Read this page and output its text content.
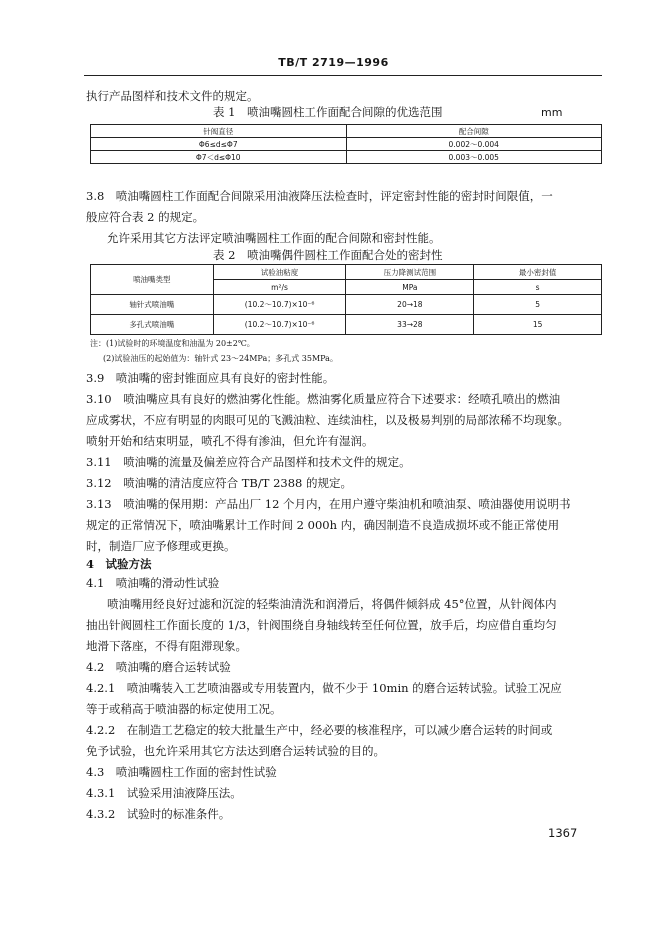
TB/T 2719—1996
执行产品图样和技术文件的规定。
表 1　喷油嘴圆柱工作面配合间隙的优选范围	mm
针阀直径	配合间隙
Φ6≤d≤Φ7	0.002～0.004
Φ7＜d≤Φ10	0.003～0.005
3.8　喷油嘴圆柱工作面配合间隙采用油液降压法检查时，评定密封性能的密封时间限值，一
般应符合表 2 的规定。
允许采用其它方法评定喷油嘴圆柱工作面的配合间隙和密封性能。
表 2　喷油嘴偶件圆柱工作面配合处的密封性
喷油嘴类型	试验油粘度	压力降测试范围	最小密封值
	m²/s	MPa	s
轴针式喷油嘴	(10.2～10.7)×10⁻⁶	20→18	5
多孔式喷油嘴	(10.2～10.7)×10⁻⁶	33→28	15
注：(1)试验时的环境温度和油温为 20±2℃。
(2)试验油压的起始值为：轴针式 23～24MPa；多孔式 35MPa。
3.9　喷油嘴的密封锥面应具有良好的密封性能。
3.10　喷油嘴应具有良好的燃油雾化性能。燃油雾化质量应符合下述要求：经喷孔喷出的燃油
应成雾状，不应有明显的肉眼可见的飞溅油粒、连续油柱，以及极易判别的局部浓稀不均现象。
喷射开始和结束明显，喷孔不得有渗油，但允许有湿润。
3.11　喷油嘴的流量及偏差应符合产品图样和技术文件的规定。
3.12　喷油嘴的清洁度应符合 TB/T 2388 的规定。
3.13　喷油嘴的保用期：产品出厂 12 个月内，在用户遵守柴油机和喷油泵、喷油器使用说明书
规定的正常情况下，喷油嘴累计工作时间 2 000h 内，确因制造不良造成损坏或不能正常使用
时，制造厂应予修理或更换。
4　试验方法
4.1　喷油嘴的滑动性试验
喷油嘴用经良好过滤和沉淀的轻柴油清洗和润滑后，将偶件倾斜成 45°位置，从针阀体内
抽出针阀圆柱工作面长度的 1/3，针阀围绕自身轴线转至任何位置，放手后，均应借自重均匀
地滑下落座，不得有阻滞现象。
4.2　喷油嘴的磨合运转试验
4.2.1　喷油嘴装入工艺喷油器或专用装置内，做不少于 10min 的磨合运转试验。试验工况应
等于或稍高于喷油器的标定使用工况。
4.2.2　在制造工艺稳定的较大批量生产中，经必要的核准程序，可以减少磨合运转的时间或
免予试验，也允许采用其它方法达到磨合运转试验的目的。
4.3　喷油嘴圆柱工作面的密封性试验
4.3.1　试验采用油液降压法。
4.3.2　试验时的标准条件。
1367
